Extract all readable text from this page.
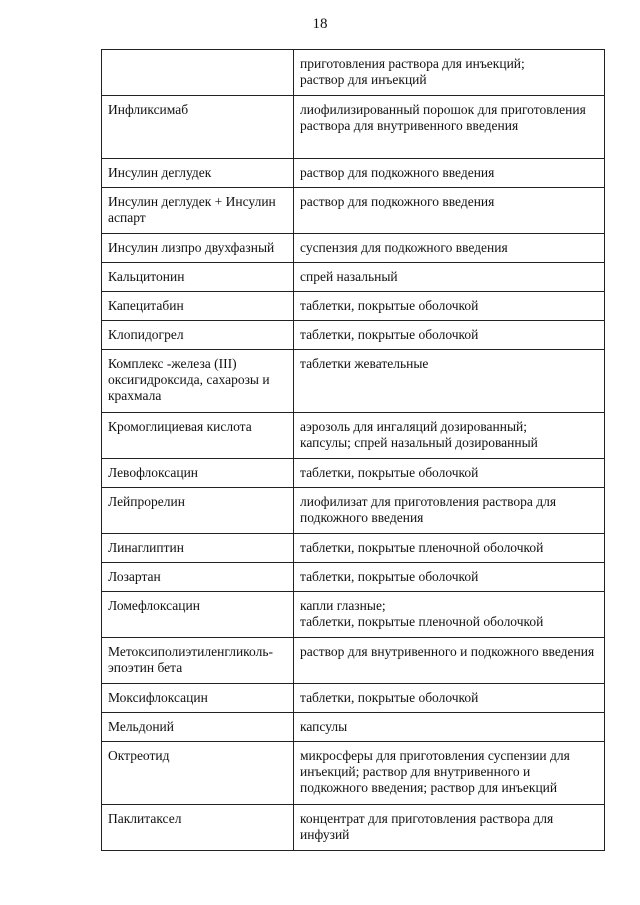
18
	приготовления раствора для инъекций;
раствор для инъекций
Инфликсимаб	лиофилизированный порошок для приготовления раствора для внутривенного введения
Инсулин деглудек	раствор для подкожного введения
Инсулин деглудек + Инсулин аспарт	раствор для подкожного введения
Инсулин лизпро двухфазный	суспензия для подкожного введения
Кальцитонин	спрей назальный
Капецитабин	таблетки, покрытые оболочкой
Клопидогрел	таблетки, покрытые оболочкой
Комплекс -железа (III) оксигидроксида, сахарозы и крахмала	таблетки жевательные
Кромоглициевая кислота	аэрозоль для ингаляций дозированный;
капсулы; спрей назальный дозированный
Левофлоксацин	таблетки, покрытые оболочкой
Лейпрорелин	лиофилизат для приготовления раствора для подкожного введения
Линаглиптин	таблетки, покрытые пленочной оболочкой
Лозартан	таблетки, покрытые оболочкой
Ломефлоксацин	капли глазные;
таблетки, покрытые пленочной оболочкой
Метоксиполиэтиленгликоль-эпоэтин бета	раствор для внутривенного и подкожного введения
Моксифлоксацин	таблетки, покрытые оболочкой
Мельдоний	капсулы
Октреотид	микросферы для приготовления суспензии для инъекций; раствор для внутривенного и подкожного введения; раствор для инъекций
Паклитаксел	концентрат для приготовления раствора для инфузий
